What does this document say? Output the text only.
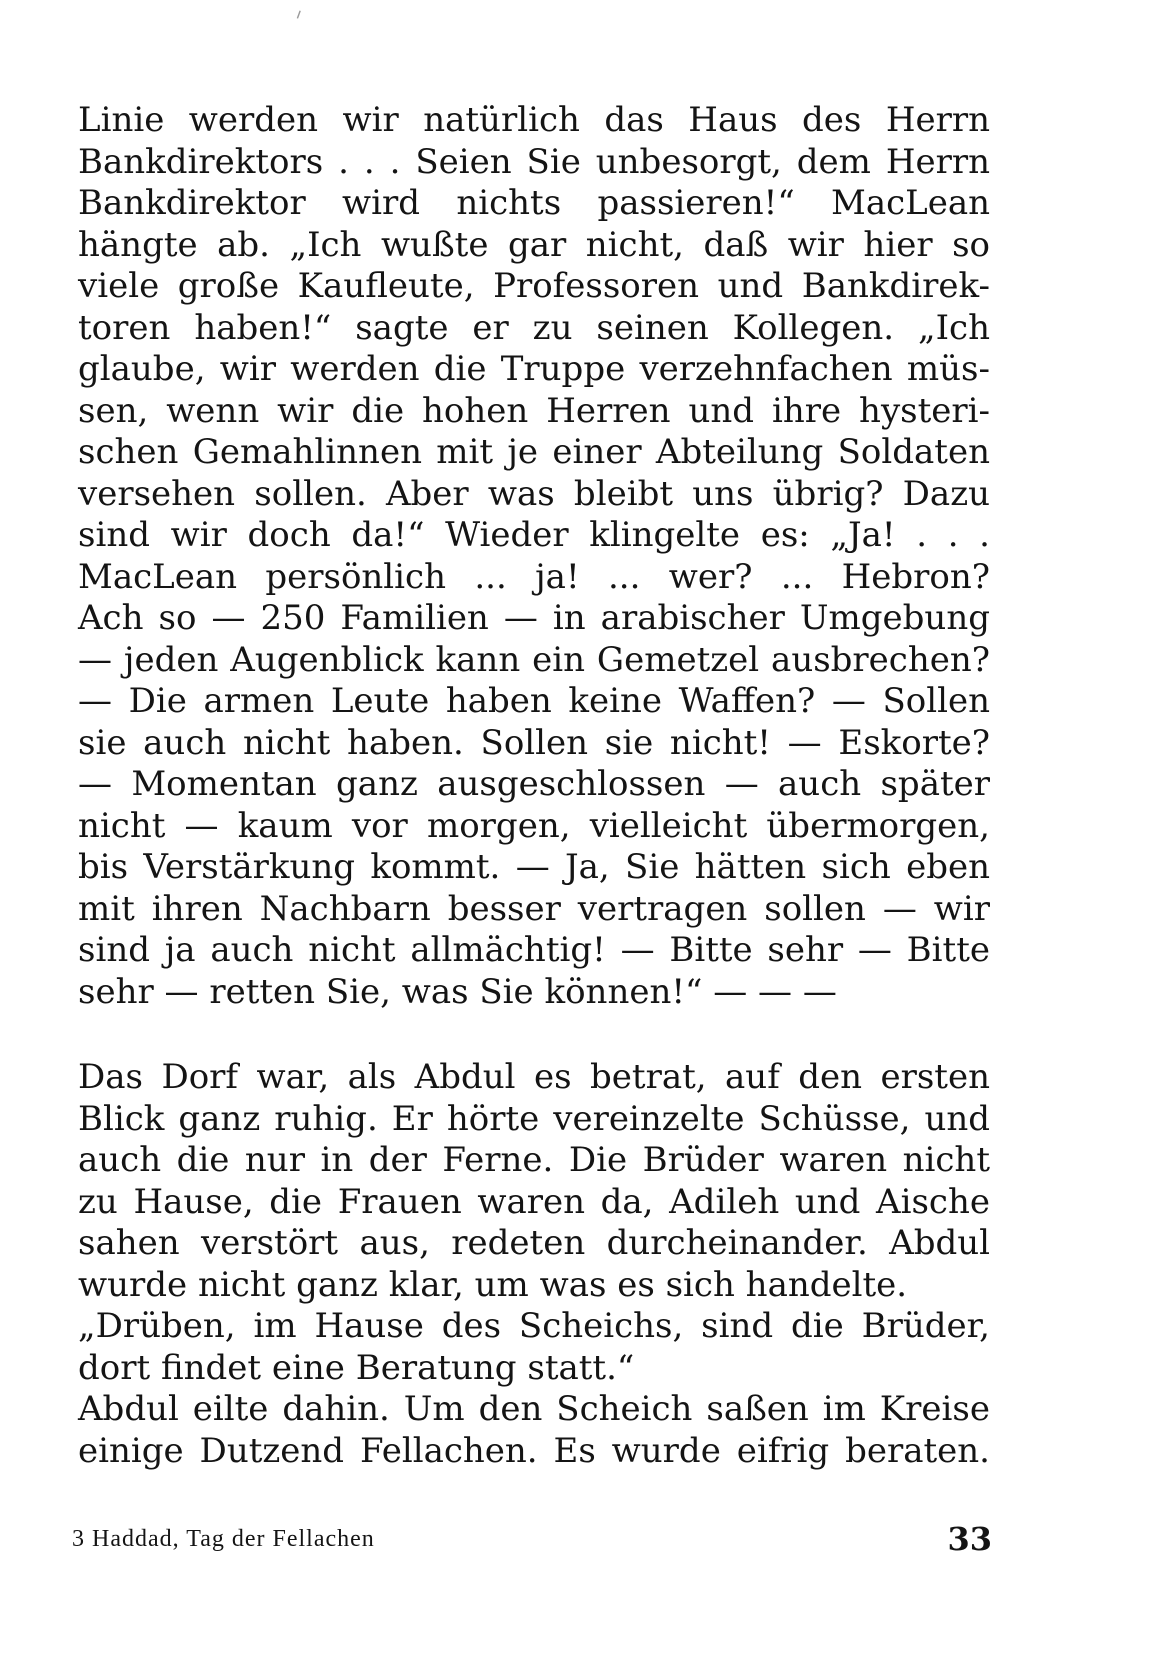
ᐟ
Linie werden wir natürlich das Haus des Herrn
Bankdirektors . . . Seien Sie unbesorgt, dem Herrn
Bankdirektor wird nichts passieren!“ MacLean
hängte ab. „Ich wußte gar nicht, daß wir hier so
viele große Kaufleute, Professoren und Bankdirek-
toren haben!“ sagte er zu seinen Kollegen. „Ich
glaube, wir werden die Truppe verzehnfachen müs-
sen, wenn wir die hohen Herren und ihre hysteri-
schen Gemahlinnen mit je einer Abteilung Soldaten
versehen sollen. Aber was bleibt uns übrig? Dazu
sind wir doch da!“ Wieder klingelte es: „Ja! . . .
MacLean persönlich ... ja! ... wer? ... Hebron?
Ach so — 250 Familien — in arabischer Umgebung
— jeden Augenblick kann ein Gemetzel ausbrechen?
— Die armen Leute haben keine Waffen? — Sollen
sie auch nicht haben. Sollen sie nicht! — Eskorte?
— Momentan ganz ausgeschlossen — auch später
nicht — kaum vor morgen, vielleicht übermorgen,
bis Verstärkung kommt. — Ja, Sie hätten sich eben
mit ihren Nachbarn besser vertragen sollen — wir
sind ja auch nicht allmächtig! — Bitte sehr — Bitte
sehr — retten Sie, was Sie können!“ — — —
Das Dorf war, als Abdul es betrat, auf den ersten
Blick ganz ruhig. Er hörte vereinzelte Schüsse, und
auch die nur in der Ferne. Die Brüder waren nicht
zu Hause, die Frauen waren da, Adileh und Aische
sahen verstört aus, redeten durcheinander. Abdul
wurde nicht ganz klar, um was es sich handelte.
„Drüben, im Hause des Scheichs, sind die Brüder,
dort findet eine Beratung statt.“
Abdul eilte dahin. Um den Scheich saßen im Kreise
einige Dutzend Fellachen. Es wurde eifrig beraten.
3 Haddad, Tag der Fellachen	33
